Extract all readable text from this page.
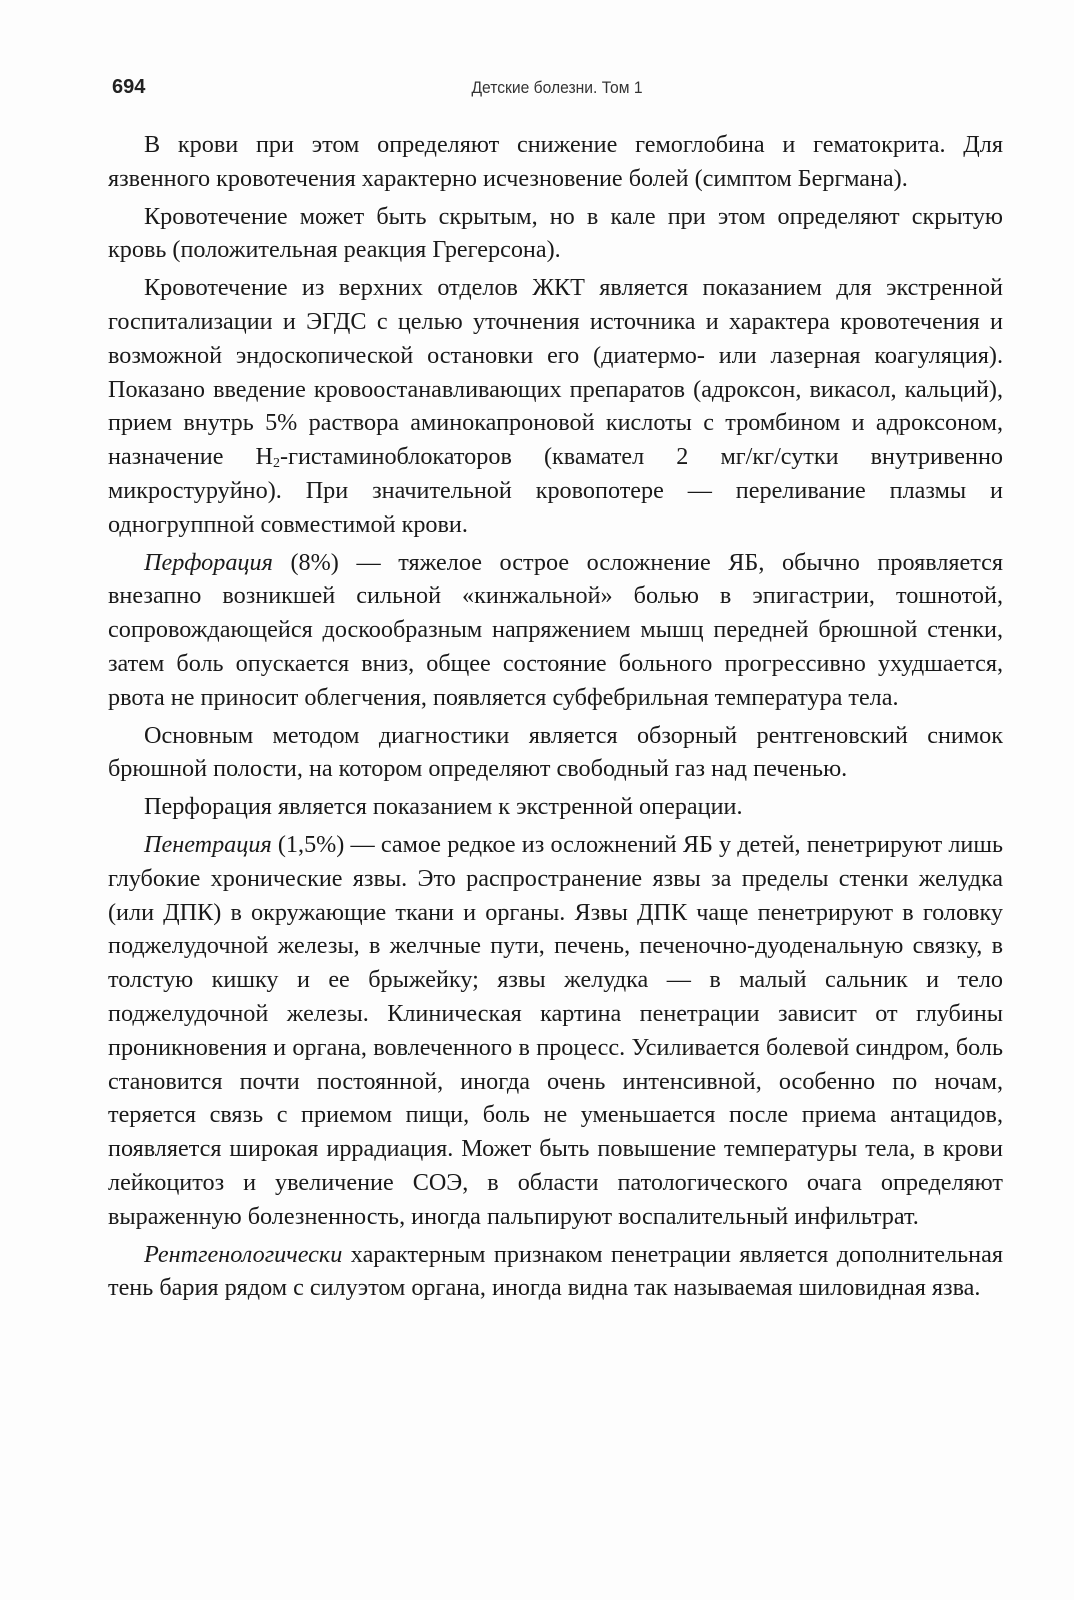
694	Детские болезни. Том 1

В крови при этом определяют снижение гемоглобина и гематокрита. Для язвенного кровотечения характерно исчезновение болей (симптом Бергмана).

Кровотечение может быть скрытым, но в кале при этом определяют скрытую кровь (положительная реакция Грегерсона).

Кровотечение из верхних отделов ЖКТ является показанием для экстренной госпитализации и ЭГДС с целью уточнения источника и характера кровотечения и возможной эндоскопической остановки его (диатермо- или лазерная коагуляция). Показано введение кровоостанавливающих препаратов (адроксон, викасол, кальций), прием внутрь 5% раствора аминокапроновой кислоты с тромбином и адроксоном, назначение $H_2$-гистаминоблокаторов (квамател 2 мг/кг/сутки внутривенно микростуруйно). При значительной кровопотере — переливание плазмы и одногруппной совместимой крови.

Перфорация (8%) — тяжелое острое осложнение ЯБ, обычно проявляется внезапно возникшей сильной «кинжальной» болью в эпигастрии, тошнотой, сопровождающейся доскообразным напряжением мышц передней брюшной стенки, затем боль опускается вниз, общее состояние больного прогрессивно ухудшается, рвота не приносит облегчения, появляется субфебрильная температура тела.

Основным методом диагностики является обзорный рентгеновский снимок брюшной полости, на котором определяют свободный газ над печенью.

Перфорация является показанием к экстренной операции.

Пенетрация (1,5%) — самое редкое из осложнений ЯБ у детей, пенетрируют лишь глубокие хронические язвы. Это распространение язвы за пределы стенки желудка (или ДПК) в окружающие ткани и органы. Язвы ДПК чаще пенетрируют в головку поджелудочной железы, в желчные пути, печень, печеночно-дуоденальную связку, в толстую кишку и ее брыжейку; язвы желудка — в малый сальник и тело поджелудочной железы. Клиническая картина пенетрации зависит от глубины проникновения и органа, вовлеченного в процесс. Усиливается болевой синдром, боль становится почти постоянной, иногда очень интенсивной, особенно по ночам, теряется связь с приемом пищи, боль не уменьшается после приема антацидов, появляется широкая иррадиация. Может быть повышение температуры тела, в крови лейкоцитоз и увеличение СОЭ, в области патологического очага определяют выраженную болезненность, иногда пальпируют воспалительный инфильтрат.

Рентгенологически характерным признаком пенетрации является дополнительная тень бария рядом с силуэтом органа, иногда видна так называемая шиловидная язва.
